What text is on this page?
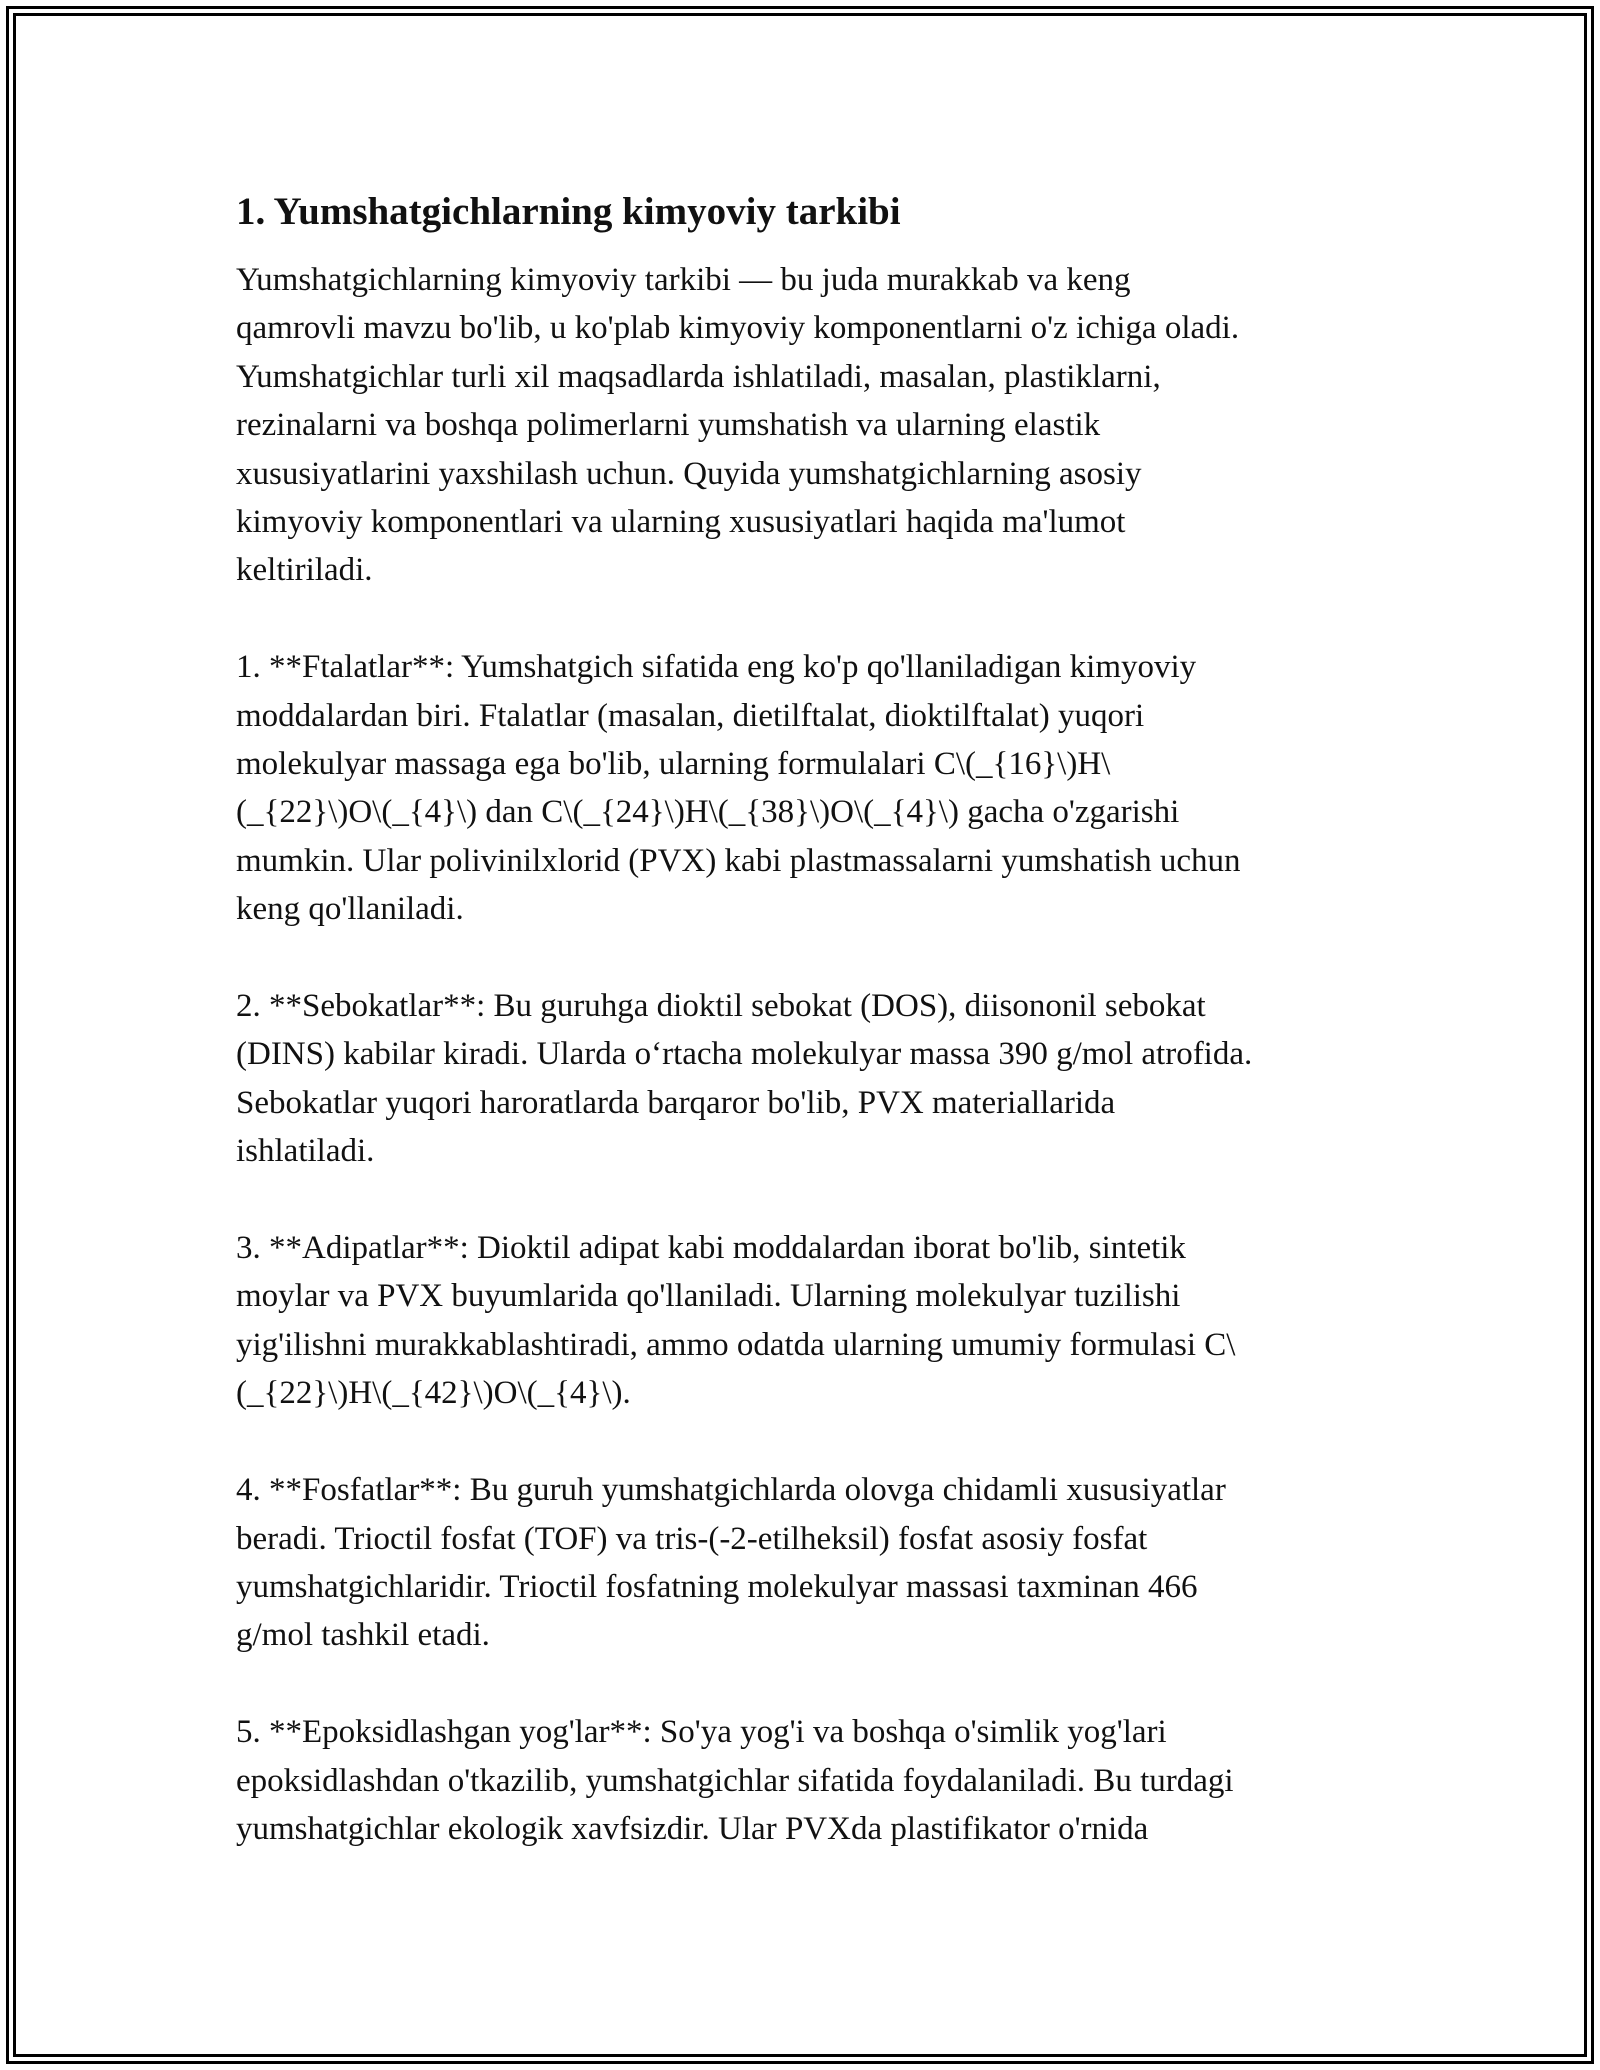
1. Yumshatgichlarning kimyoviy tarkibi

Yumshatgichlarning kimyoviy tarkibi — bu juda murakkab va keng

qamrovli mavzu bo'lib, u ko'plab kimyoviy komponentlarni o'z ichiga oladi.

Yumshatgichlar turli xil maqsadlarda ishlatiladi, masalan, plastiklarni,

rezinalarni va boshqa polimerlarni yumshatish va ularning elastik

xususiyatlarini yaxshilash uchun. Quyida yumshatgichlarning asosiy

kimyoviy komponentlari va ularning xususiyatlari haqida ma'lumot

keltiriladi.

1. **Ftalatlar**: Yumshatgich sifatida eng ko'p qo'llaniladigan kimyoviy

moddalardan biri. Ftalatlar (masalan, dietilftalat, dioktilftalat) yuqori

molekulyar massaga ega bo'lib, ularning formulalari C\(_{16}\)H\

(_{22}\)O\(_{4}\) dan C\(_{24}\)H\(_{38}\)O\(_{4}\) gacha o'zgarishi

mumkin. Ular polivinilxlorid (PVX) kabi plastmassalarni yumshatish uchun

keng qo'llaniladi.

2. **Sebokatlar**: Bu guruhga dioktil sebokat (DOS), diisononil sebokat

(DINS) kabilar kiradi. Ularda o‘rtacha molekulyar massa 390 g/mol atrofida.

Sebokatlar yuqori haroratlarda barqaror bo'lib, PVX materiallarida

ishlatiladi.

3. **Adipatlar**: Dioktil adipat kabi moddalardan iborat bo'lib, sintetik

moylar va PVX buyumlarida qo'llaniladi. Ularning molekulyar tuzilishi

yig'ilishni murakkablashtiradi, ammo odatda ularning umumiy formulasi C\

(_{22}\)H\(_{42}\)O\(_{4}\).

4. **Fosfatlar**: Bu guruh yumshatgichlarda olovga chidamli xususiyatlar

beradi. Trioctil fosfat (TOF) va tris-(-2-etilheksil) fosfat asosiy fosfat

yumshatgichlaridir. Trioctil fosfatning molekulyar massasi taxminan 466

g/mol tashkil etadi.

5. **Epoksidlashgan yog'lar**: So'ya yog'i va boshqa o'simlik yog'lari

epoksidlashdan o'tkazilib, yumshatgichlar sifatida foydalaniladi. Bu turdagi

yumshatgichlar ekologik xavfsizdir. Ular PVXda plastifikator o'rnida
